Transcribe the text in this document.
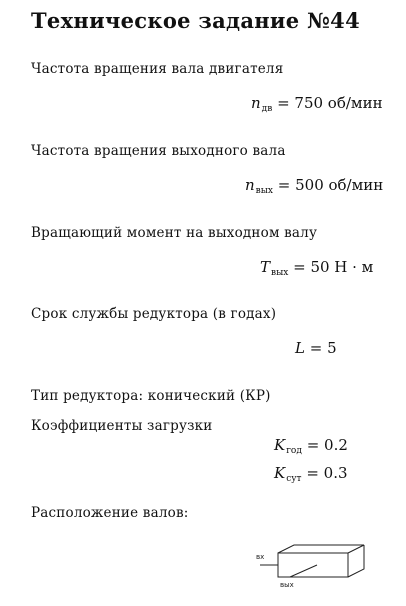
Техническое задание №44
Частота вращения вала двигателя
$n_{дв} = 750$ об/мин
Частота вращения выходного вала
$n_{вых} = 500$ об/мин
Вращающий момент на выходном валу
$T_{вых} = 50$ Н · м
Срок службы редуктора (в годах)
L = 5
Тип редуктора: конический (КР)
Коэффициенты загрузки
$K_{год} = 0.2$
$K_{сут} = 0.3$
Расположение валов:
вх
вых
